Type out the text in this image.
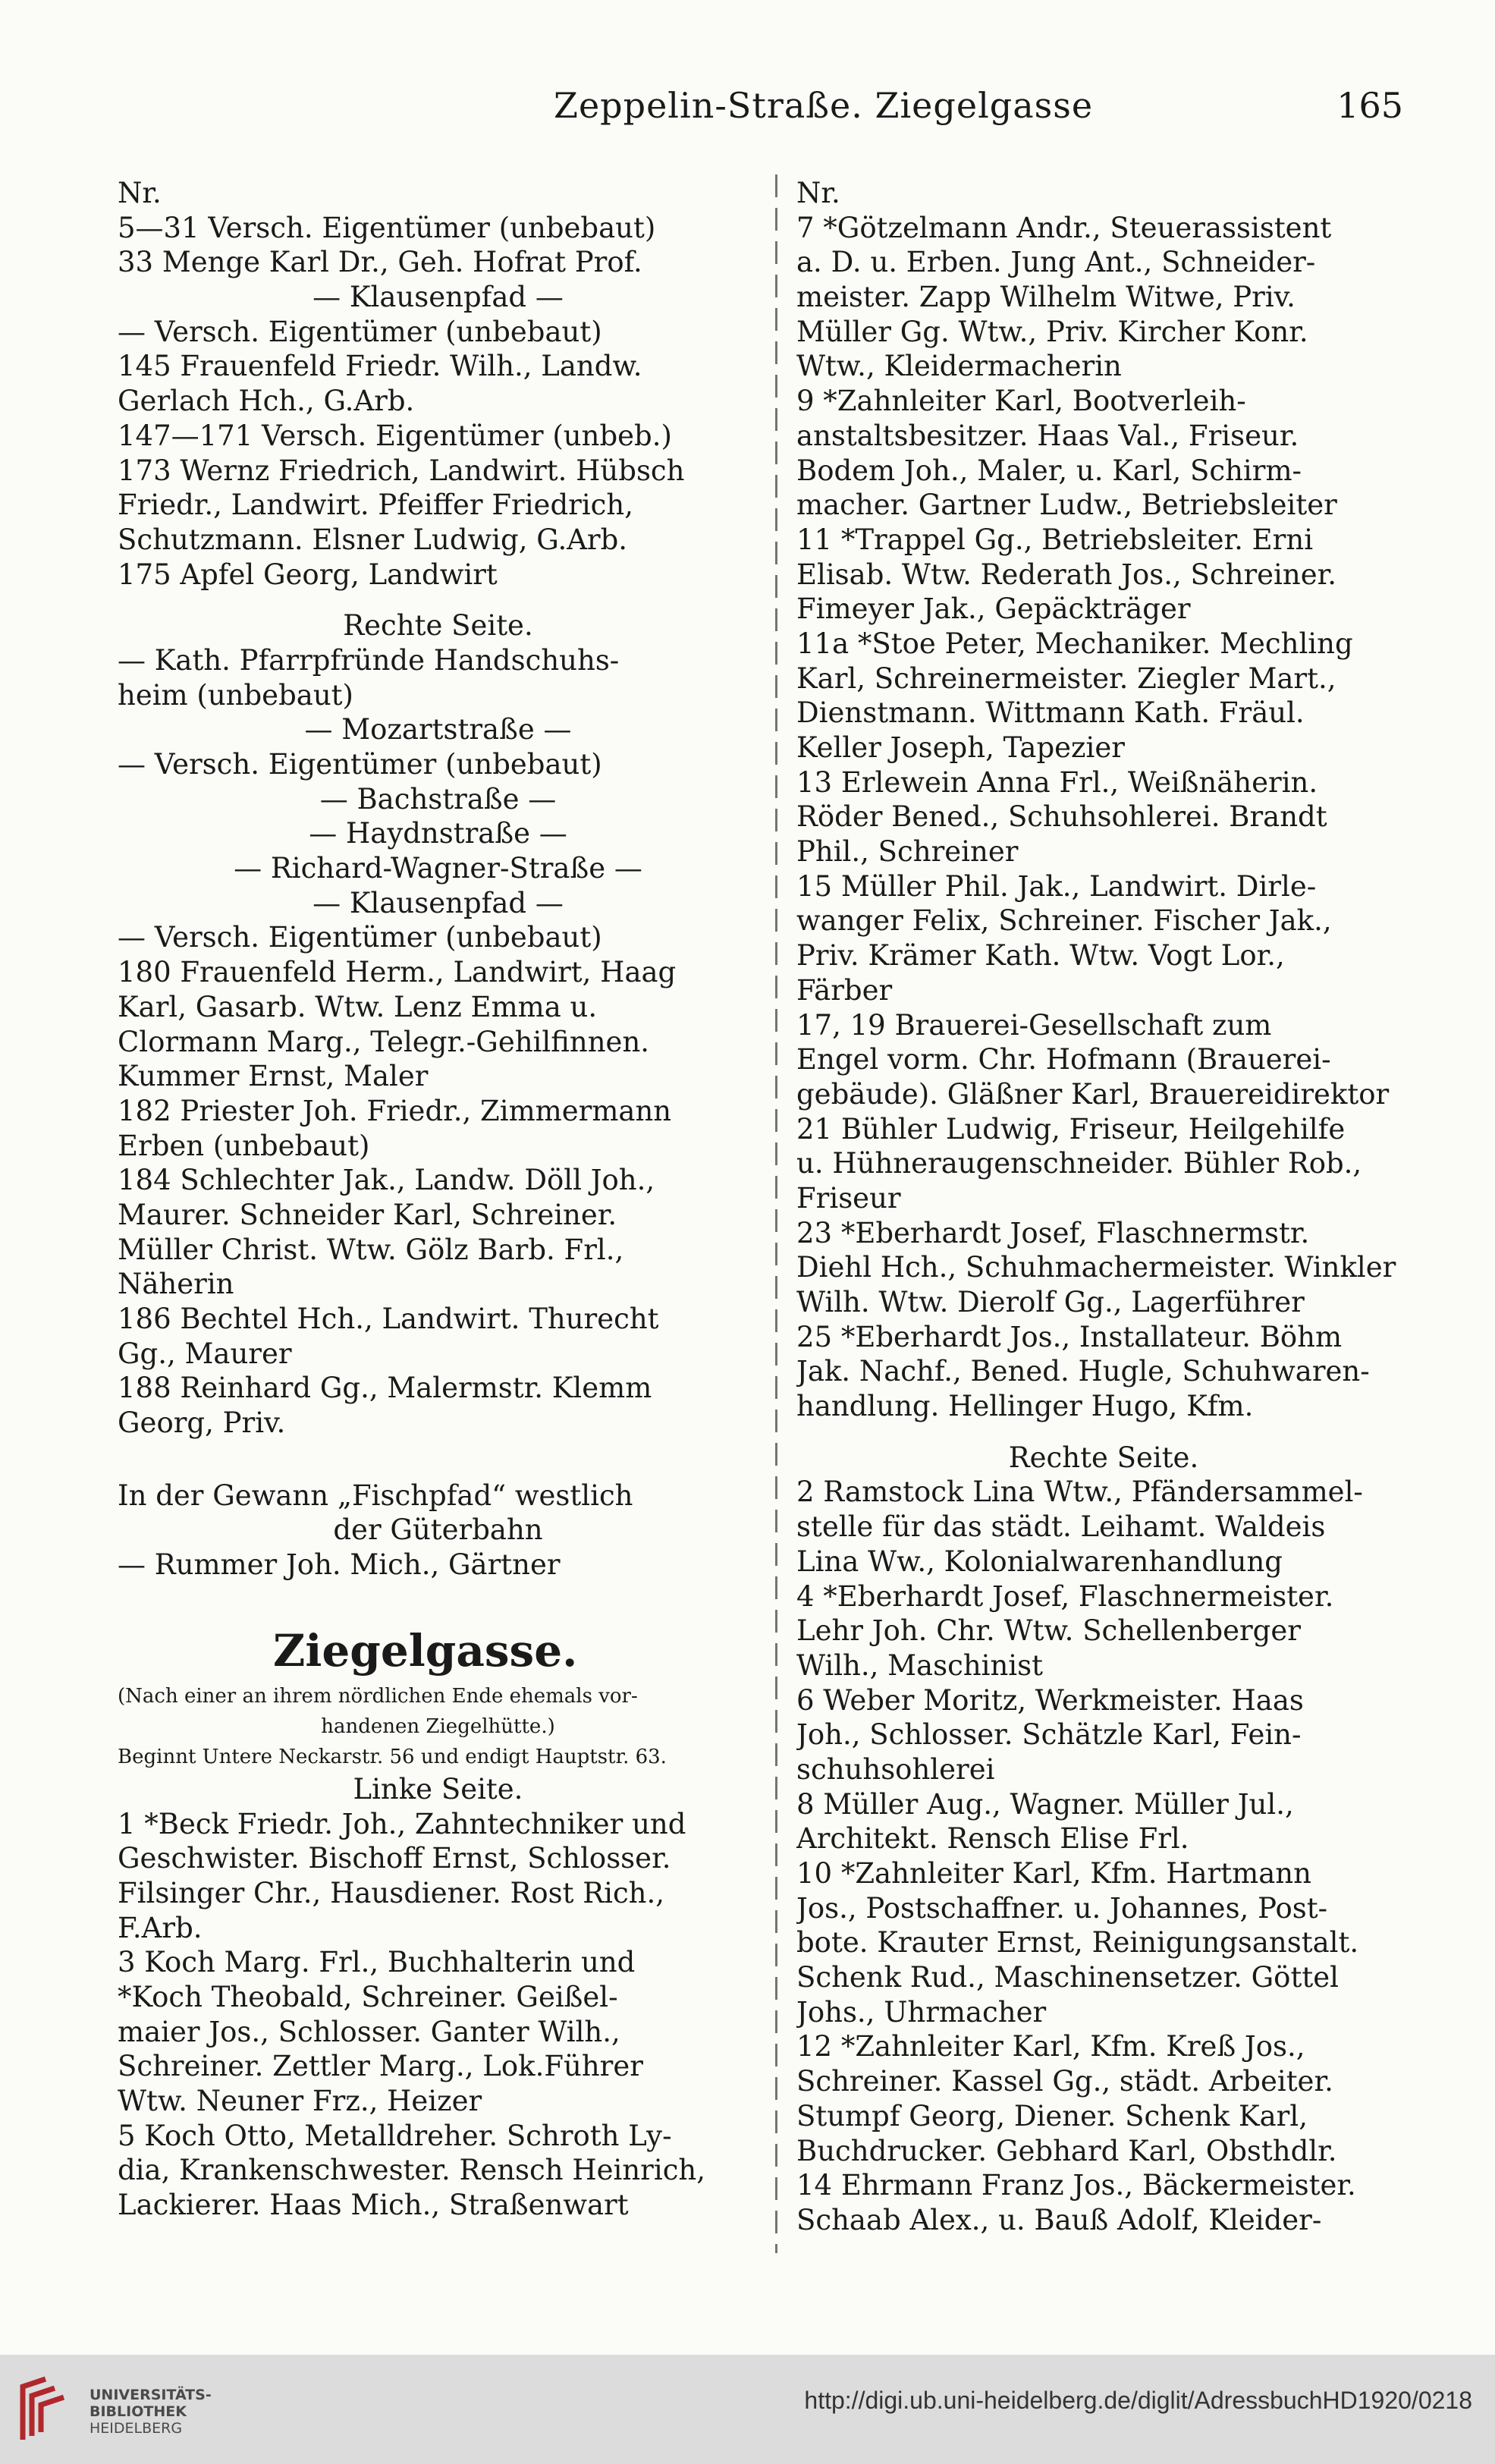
Zeppelin-Straße. Ziegelgasse	165
Nr.
5—31 Versch. Eigentümer (unbebaut)
33 Menge Karl Dr., Geh. Hofrat Prof.
— Klausenpfad —
— Versch. Eigentümer (unbebaut)
145 Frauenfeld Friedr. Wilh., Landw.
Gerlach Hch., G.Arb.
147—171 Versch. Eigentümer (unbeb.)
173 Wernz Friedrich, Landwirt. Hübsch
Friedr., Landwirt. Pfeiffer Friedrich,
Schutzmann. Elsner Ludwig, G.Arb.
175 Apfel Georg, Landwirt
Rechte Seite.
— Kath. Pfarrpfründe Handschuhs-
heim (unbebaut)
— Mozartstraße —
— Versch. Eigentümer (unbebaut)
— Bachstraße —
— Haydnstraße —
— Richard-Wagner-Straße —
— Klausenpfad —
— Versch. Eigentümer (unbebaut)
180 Frauenfeld Herm., Landwirt, Haag
Karl, Gasarb. Wtw. Lenz Emma u.
Clormann Marg., Telegr.-Gehilfinnen.
Kummer Ernst, Maler
182 Priester Joh. Friedr., Zimmermann
Erben (unbebaut)
184 Schlechter Jak., Landw. Döll Joh.,
Maurer. Schneider Karl, Schreiner.
Müller Christ. Wtw. Gölz Barb. Frl.,
Näherin
186 Bechtel Hch., Landwirt. Thurecht
Gg., Maurer
188 Reinhard Gg., Malermstr. Klemm
Georg, Priv.
In der Gewann „Fischpfad“ westlich
der Güterbahn
— Rummer Joh. Mich., Gärtner
Ziegelgasse.
(Nach einer an ihrem nördlichen Ende ehemals vor-
handenen Ziegelhütte.)
Beginnt Untere Neckarstr. 56 und endigt Hauptstr. 63.
Linke Seite.
1 *Beck Friedr. Joh., Zahntechniker und
Geschwister. Bischoff Ernst, Schlosser.
Filsinger Chr., Hausdiener. Rost Rich.,
F.Arb.
3 Koch Marg. Frl., Buchhalterin und
*Koch Theobald, Schreiner. Geißel-
maier Jos., Schlosser. Ganter Wilh.,
Schreiner. Zettler Marg., Lok.Führer
Wtw. Neuner Frz., Heizer
5 Koch Otto, Metalldreher. Schroth Ly-
dia, Krankenschwester. Rensch Heinrich,
Lackierer. Haas Mich., Straßenwart
Nr.
7 *Götzelmann Andr., Steuerassistent
a. D. u. Erben. Jung Ant., Schneider-
meister. Zapp Wilhelm Witwe, Priv.
Müller Gg. Wtw., Priv. Kircher Konr.
Wtw., Kleidermacherin
9 *Zahnleiter Karl, Bootverleih-
anstaltsbesitzer. Haas Val., Friseur.
Bodem Joh., Maler, u. Karl, Schirm-
macher. Gartner Ludw., Betriebsleiter
11 *Trappel Gg., Betriebsleiter. Erni
Elisab. Wtw. Rederath Jos., Schreiner.
Fimeyer Jak., Gepäckträger
11a *Stoe Peter, Mechaniker. Mechling
Karl, Schreinermeister. Ziegler Mart.,
Dienstmann. Wittmann Kath. Fräul.
Keller Joseph, Tapezier
13 Erlewein Anna Frl., Weißnäherin.
Röder Bened., Schuhsohlerei. Brandt
Phil., Schreiner
15 Müller Phil. Jak., Landwirt. Dirle-
wanger Felix, Schreiner. Fischer Jak.,
Priv. Krämer Kath. Wtw. Vogt Lor.,
Färber
17, 19 Brauerei-Gesellschaft zum
Engel vorm. Chr. Hofmann (Brauerei-
gebäude). Gläßner Karl, Brauereidirektor
21 Bühler Ludwig, Friseur, Heilgehilfe
u. Hühneraugenschneider. Bühler Rob.,
Friseur
23 *Eberhardt Josef, Flaschnermstr.
Diehl Hch., Schuhmachermeister. Winkler
Wilh. Wtw. Dierolf Gg., Lagerführer
25 *Eberhardt Jos., Installateur. Böhm
Jak. Nachf., Bened. Hugle, Schuhwaren-
handlung. Hellinger Hugo, Kfm.
Rechte Seite.
2 Ramstock Lina Wtw., Pfändersammel-
stelle für das städt. Leihamt. Waldeis
Lina Ww., Kolonialwarenhandlung
4 *Eberhardt Josef, Flaschnermeister.
Lehr Joh. Chr. Wtw. Schellenberger
Wilh., Maschinist
6 Weber Moritz, Werkmeister. Haas
Joh., Schlosser. Schätzle Karl, Fein-
schuhsohlerei
8 Müller Aug., Wagner. Müller Jul.,
Architekt. Rensch Elise Frl.
10 *Zahnleiter Karl, Kfm. Hartmann
Jos., Postschaffner. u. Johannes, Post-
bote. Krauter Ernst, Reinigungsanstalt.
Schenk Rud., Maschinensetzer. Göttel
Johs., Uhrmacher
12 *Zahnleiter Karl, Kfm. Kreß Jos.,
Schreiner. Kassel Gg., städt. Arbeiter.
Stumpf Georg, Diener. Schenk Karl,
Buchdrucker. Gebhard Karl, Obsthdlr.
14 Ehrmann Franz Jos., Bäckermeister.
Schaab Alex., u. Bauß Adolf, Kleider-
UNIVERSITÄTS-
BIBLIOTHEK
HEIDELBERG
http://digi.ub.uni-heidelberg.de/diglit/AdressbuchHD1920/0218
